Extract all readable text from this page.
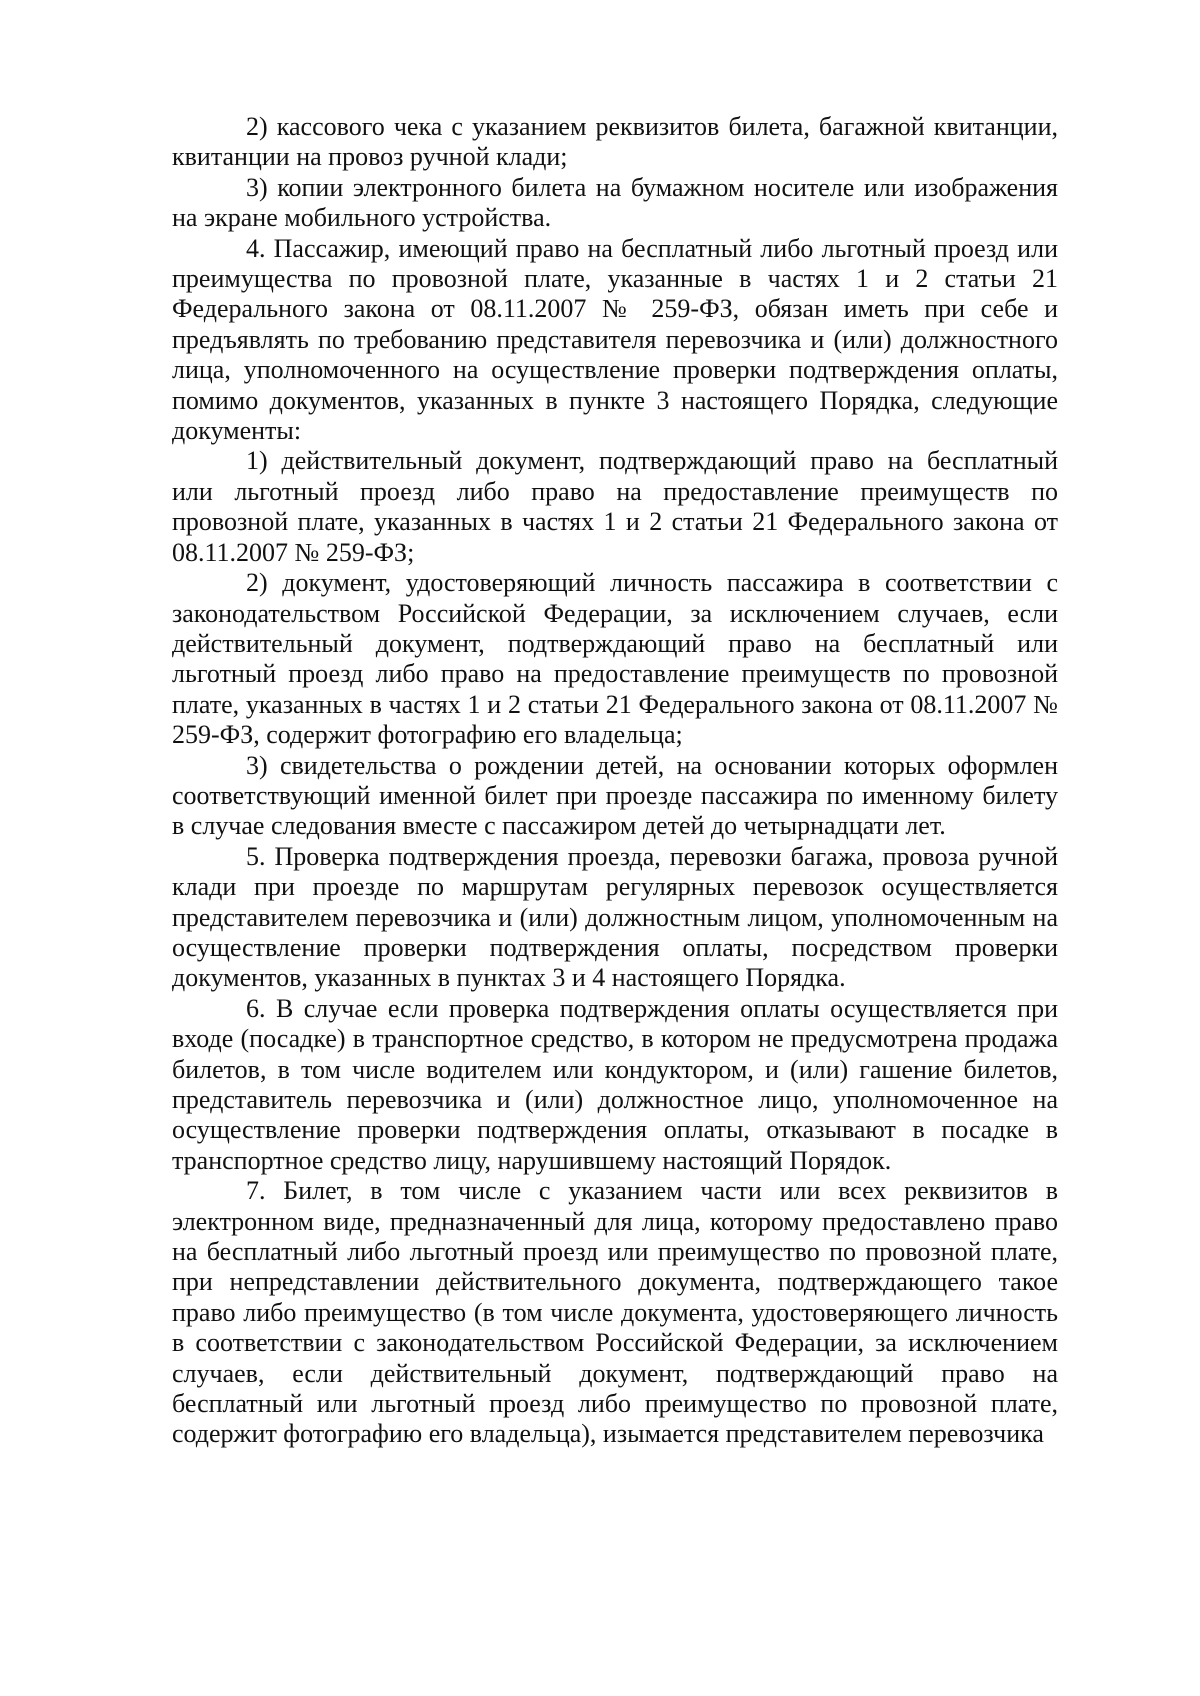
2) кассового чека с указанием реквизитов билета, багажной квитанции, квитанции на провоз ручной клади;

3) копии электронного билета на бумажном носителе или изображения на экране мобильного устройства.

4. Пассажир, имеющий право на бесплатный либо льготный проезд или преимущества по провозной плате, указанные в частях 1 и 2 статьи 21 Федерального закона от 08.11.2007 № 259-ФЗ, обязан иметь при себе и предъявлять по требованию представителя перевозчика и (или) должностного лица, уполномоченного на осуществление проверки подтверждения оплаты, помимо документов, указанных в пункте 3 настоящего Порядка, следующие документы:

1) действительный документ, подтверждающий право на бесплатный или льготный проезд либо право на предоставление преимуществ по провозной плате, указанных в частях 1 и 2 статьи 21 Федерального закона от 08.11.2007 № 259-ФЗ;

2) документ, удостоверяющий личность пассажира в соответствии с законодательством Российской Федерации, за исключением случаев, если действительный документ, подтверждающий право на бесплатный или льготный проезд либо право на предоставление преимуществ по провозной плате, указанных в частях 1 и 2 статьи 21 Федерального закона от 08.11.2007 № 259-ФЗ, содержит фотографию его владельца;

3) свидетельства о рождении детей, на основании которых оформлен соответствующий именной билет при проезде пассажира по именному билету в случае следования вместе с пассажиром детей до четырнадцати лет.

5. Проверка подтверждения проезда, перевозки багажа, провоза ручной клади при проезде по маршрутам регулярных перевозок осуществляется представителем перевозчика и (или) должностным лицом, уполномоченным на осуществление проверки подтверждения оплаты, посредством проверки документов, указанных в пунктах 3 и 4 настоящего Порядка.

6. В случае если проверка подтверждения оплаты осуществляется при входе (посадке) в транспортное средство, в котором не предусмотрена продажа билетов, в том числе водителем или кондуктором, и (или) гашение билетов, представитель перевозчика и (или) должностное лицо, уполномоченное на осуществление проверки подтверждения оплаты, отказывают в посадке в транспортное средство лицу, нарушившему настоящий Порядок.

7. Билет, в том числе с указанием части или всех реквизитов в электронном виде, предназначенный для лица, которому предоставлено право на бесплатный либо льготный проезд или преимущество по провозной плате, при непредставлении действительного документа, подтверждающего такое право либо преимущество (в том числе документа, удостоверяющего личность в соответствии с законодательством Российской Федерации, за исключением случаев, если действительный документ, подтверждающий право на бесплатный или льготный проезд либо преимущество по провозной плате, содержит фотографию его владельца), изымается представителем перевозчика
